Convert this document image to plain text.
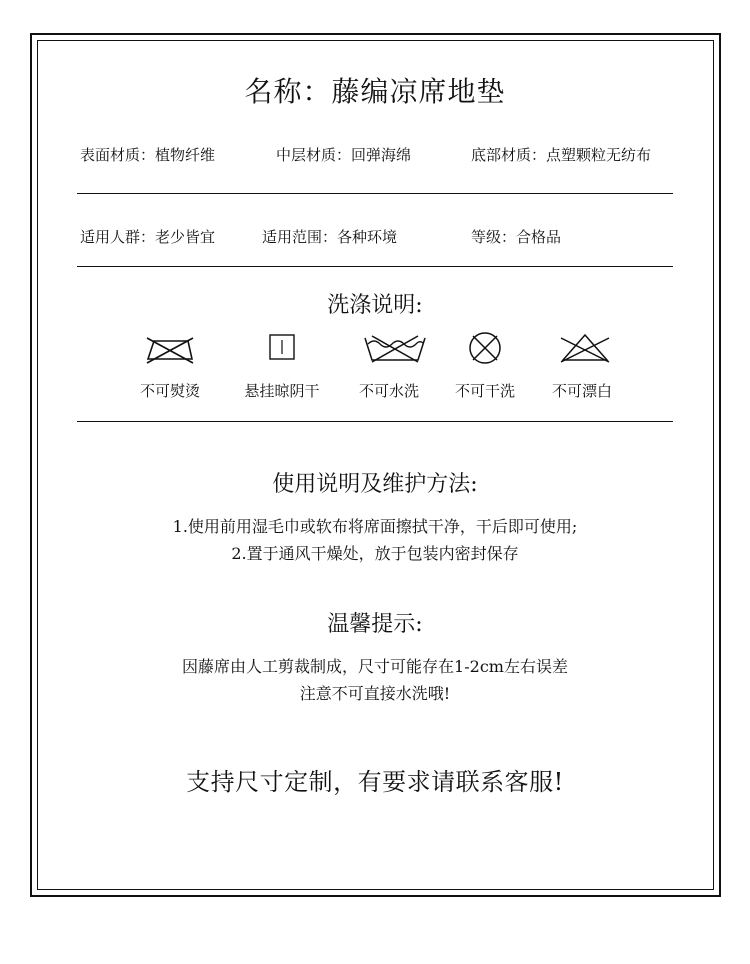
名称：藤编凉席地垫
表面材质：植物纤维	中层材质：回弹海绵	底部材质：点塑颗粒无纺布
适用人群：老少皆宜	适用范围：各种环境	等级：合格品
洗涤说明:
不可熨烫	悬挂晾阴干	不可水洗	不可干洗	不可漂白
使用说明及维护方法:
1.使用前用湿毛巾或软布将席面擦拭干净，干后即可使用;
2.置于通风干燥处，放于包装内密封保存
温馨提示:
因藤席由人工剪裁制成，尺寸可能存在1-2cm左右误差
注意不可直接水洗哦!
支持尺寸定制，有要求请联系客服!
